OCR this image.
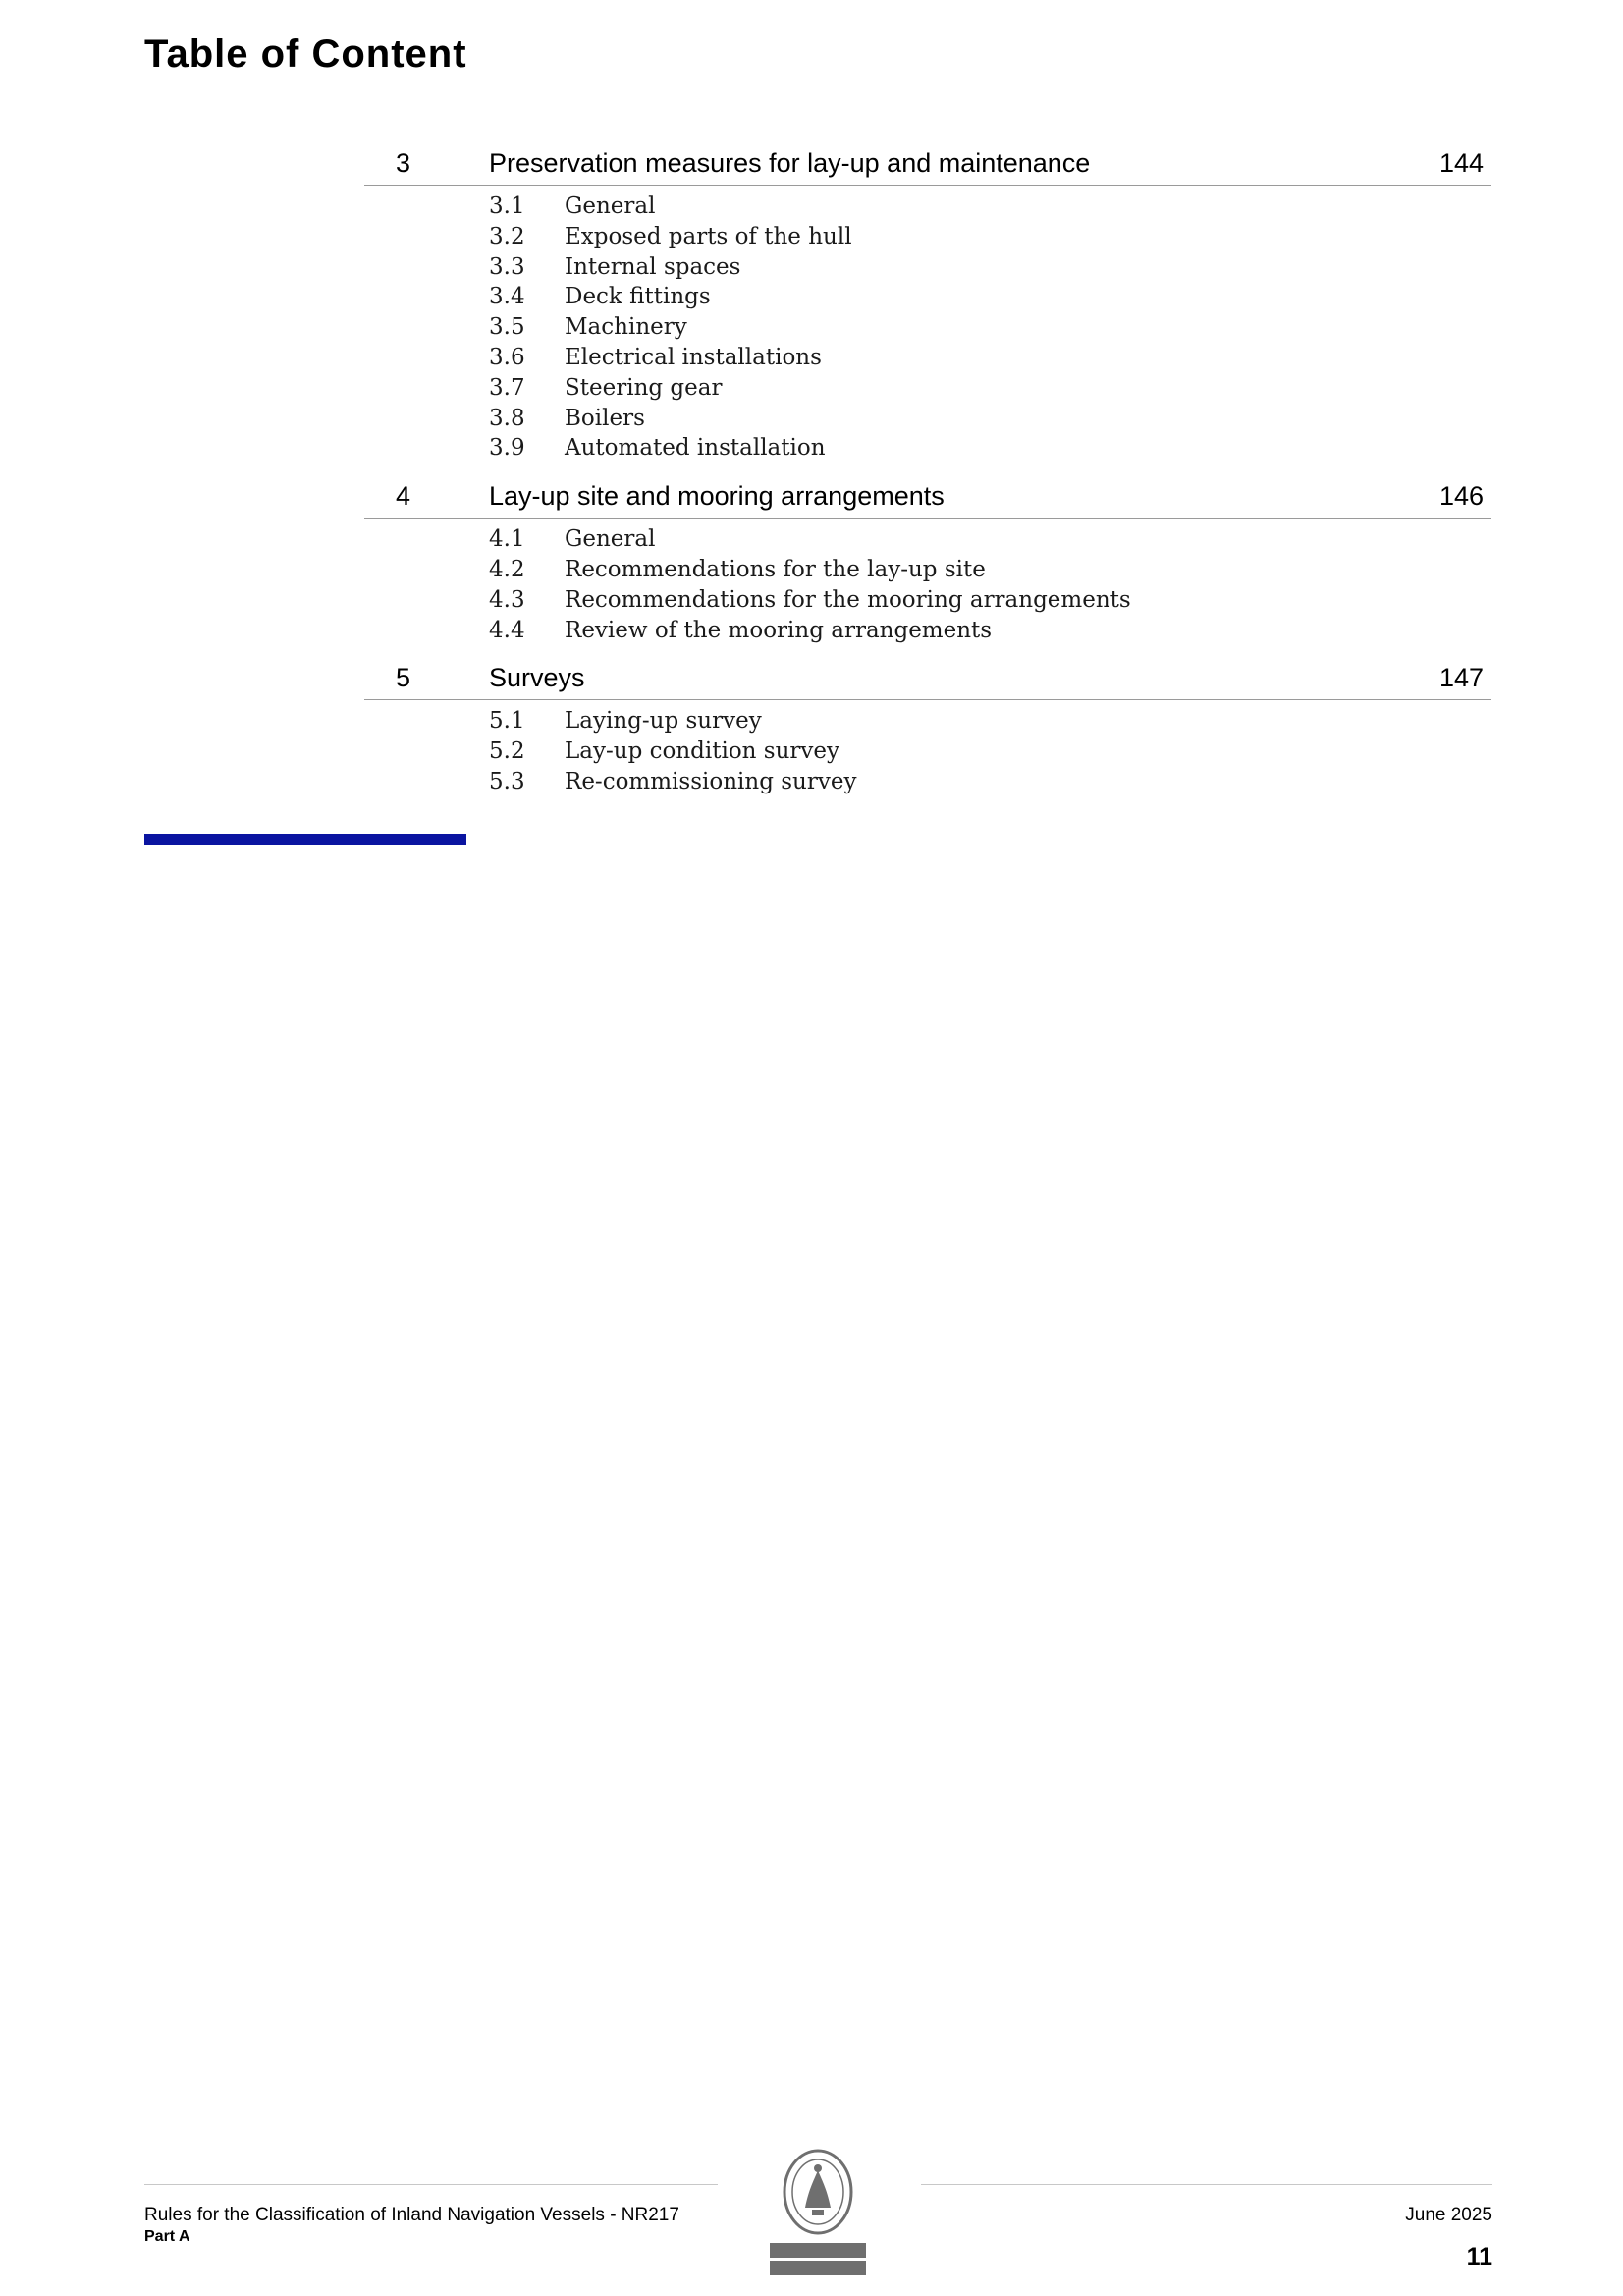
Table of Content
3	Preservation measures for lay-up and maintenance	144
3.1 General
3.2 Exposed parts of the hull
3.3 Internal spaces
3.4 Deck fittings
3.5 Machinery
3.6 Electrical installations
3.7 Steering gear
3.8 Boilers
3.9 Automated installation
4	Lay-up site and mooring arrangements	146
4.1 General
4.2 Recommendations for the lay-up site
4.3 Recommendations for the mooring arrangements
4.4 Review of the mooring arrangements
5	Surveys	147
5.1 Laying-up survey
5.2 Lay-up condition survey
5.3 Re-commissioning survey
Rules for the Classification of Inland Navigation Vessels - NR217
Part A
June 2025
11
